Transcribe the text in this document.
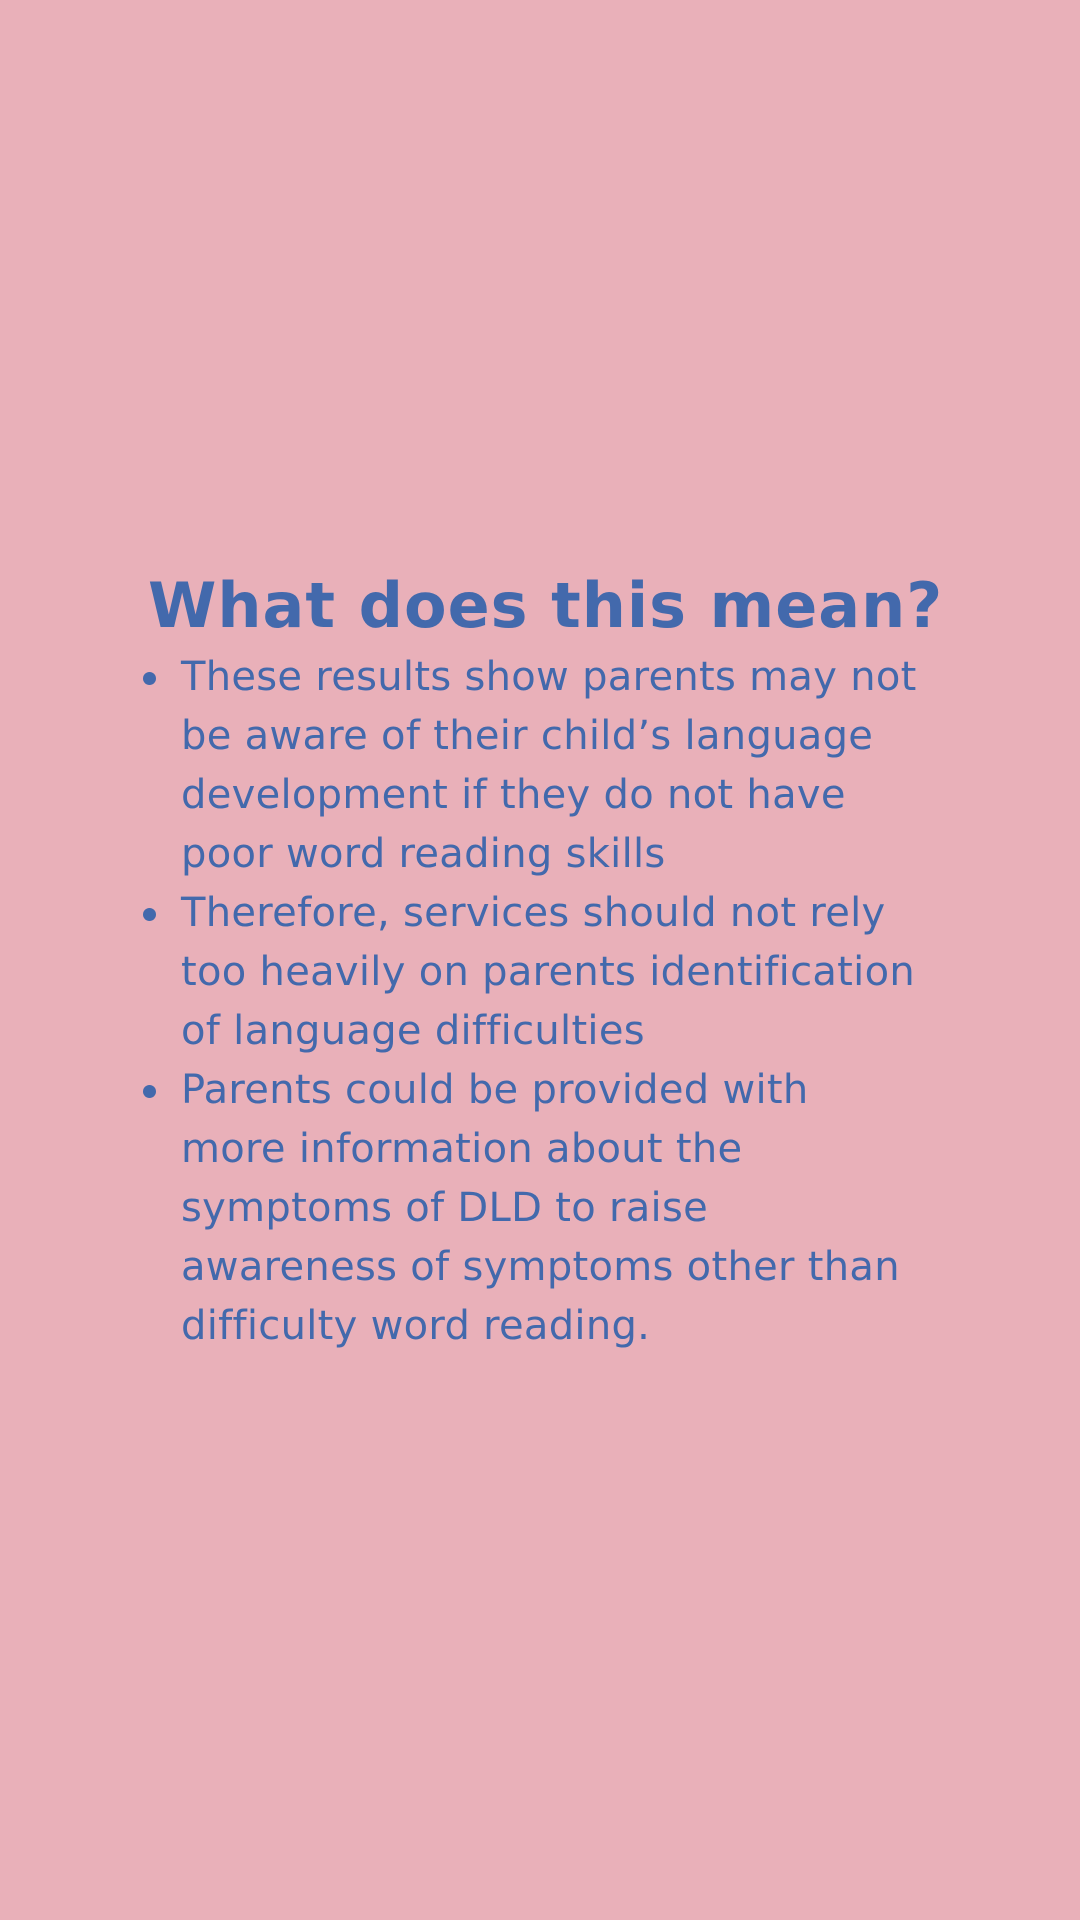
What does this mean?
These results show parents may not
be aware of their child’s language
development if they do not have
poor word reading skills
Therefore, services should not rely
too heavily on parents identification
of language difficulties
Parents could be provided with
more information about the
symptoms of DLD to raise
awareness of symptoms other than
difficulty word reading.
